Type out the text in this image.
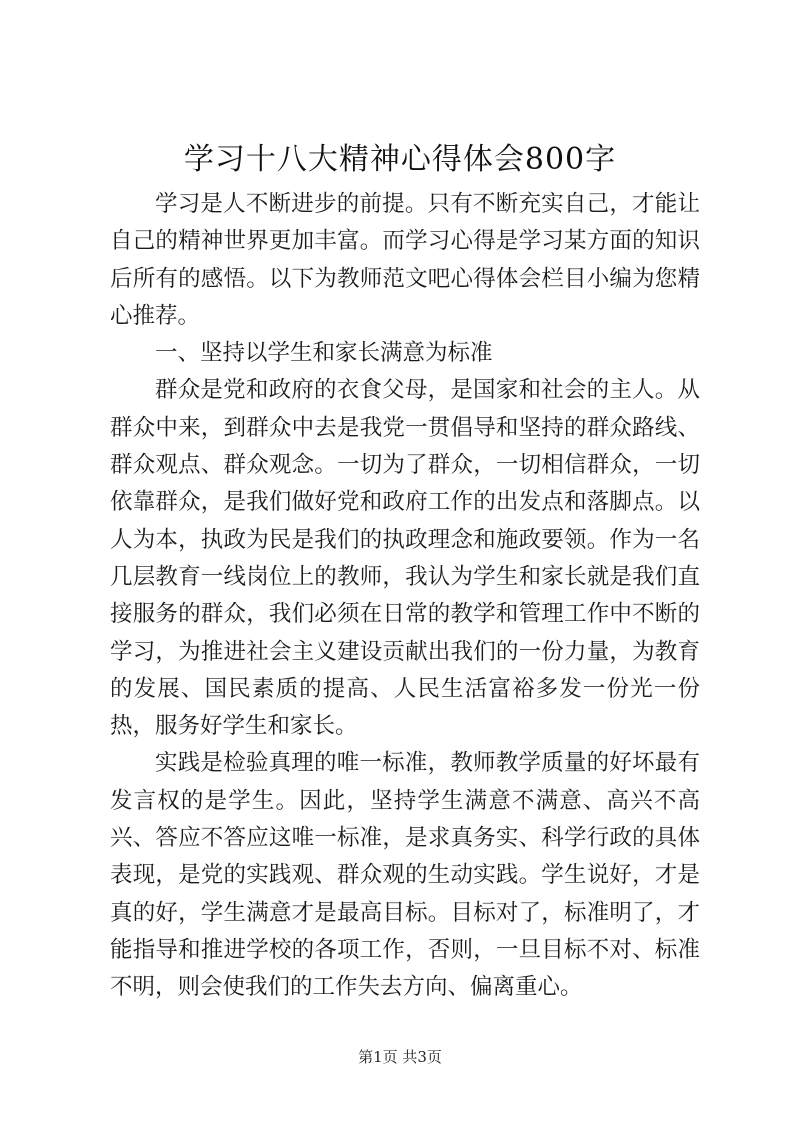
学习十八大精神心得体会800字

学习是人不断进步的前提。只有不断充实自己，才能让自己的精神世界更加丰富。而学习心得是学习某方面的知识后所有的感悟。以下为教师范文吧心得体会栏目小编为您精心推荐。

一、坚持以学生和家长满意为标准

群众是党和政府的衣食父母，是国家和社会的主人。从群众中来，到群众中去是我党一贯倡导和坚持的群众路线、群众观点、群众观念。一切为了群众，一切相信群众，一切依靠群众，是我们做好党和政府工作的出发点和落脚点。以人为本，执政为民是我们的执政理念和施政要领。作为一名几层教育一线岗位上的教师，我认为学生和家长就是我们直接服务的群众，我们必须在日常的教学和管理工作中不断的学习，为推进社会主义建设贡献出我们的一份力量，为教育的发展、国民素质的提高、人民生活富裕多发一份光一份热，服务好学生和家长。

实践是检验真理的唯一标准，教师教学质量的好坏最有发言权的是学生。因此，坚持学生满意不满意、高兴不高兴、答应不答应这唯一标准，是求真务实、科学行政的具体表现，是党的实践观、群众观的生动实践。学生说好，才是真的好，学生满意才是最高目标。目标对了，标准明了，才能指导和推进学校的各项工作，否则，一旦目标不对、标准不明，则会使我们的工作失去方向、偏离重心。

第1页 共3页
